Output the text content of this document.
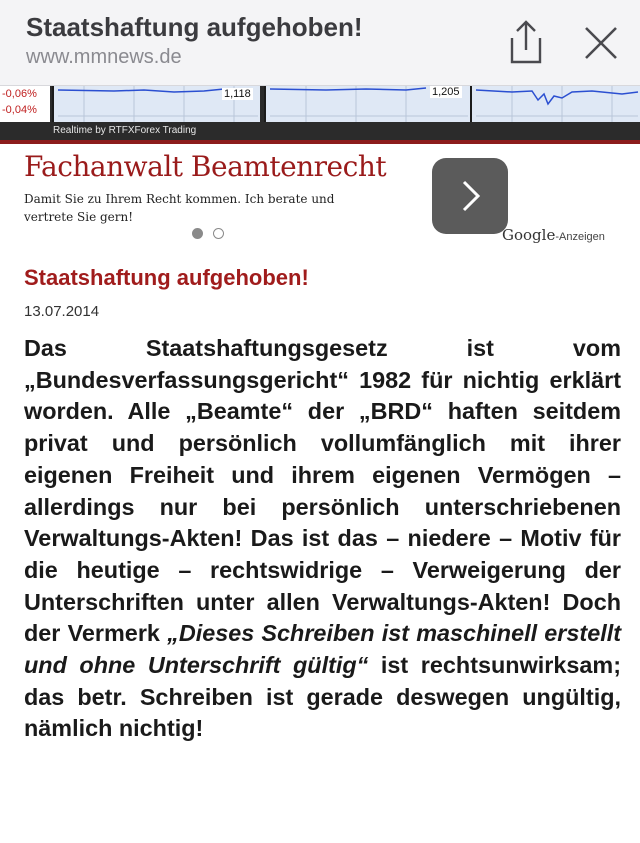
Staatshaftung aufgehoben!
www.mmnews.de
-0,06%
-0,04%
1,118	1,205
Realtime by RTFXForex Trading
Fachanwalt Beamtenrecht
Damit Sie zu Ihrem Recht kommen. Ich berate und vertrete Sie gern!
Google-Anzeigen
Staatshaftung aufgehoben!
13.07.2014
Das Staatshaftungsgesetz ist vom „Bundesverfassungsgericht“ 1982 für nichtig erklärt worden. Alle „Beamte“ der „BRD“ haften seitdem privat und persönlich vollumfänglich mit ihrer eigenen Freiheit und ihrem eigenen Vermögen – allerdings nur bei persönlich unterschriebenen Verwaltungs-Akten! Das ist das – niedere – Motiv für die heutige – rechtswidrige – Verweigerung der Unterschriften unter allen Verwaltungs-Akten! Doch der Vermerk „Dieses Schreiben ist maschinell erstellt und ohne Unterschrift gültig“ ist rechtsunwirksam; das betr. Schreiben ist gerade deswegen ungültig, nämlich nichtig!
